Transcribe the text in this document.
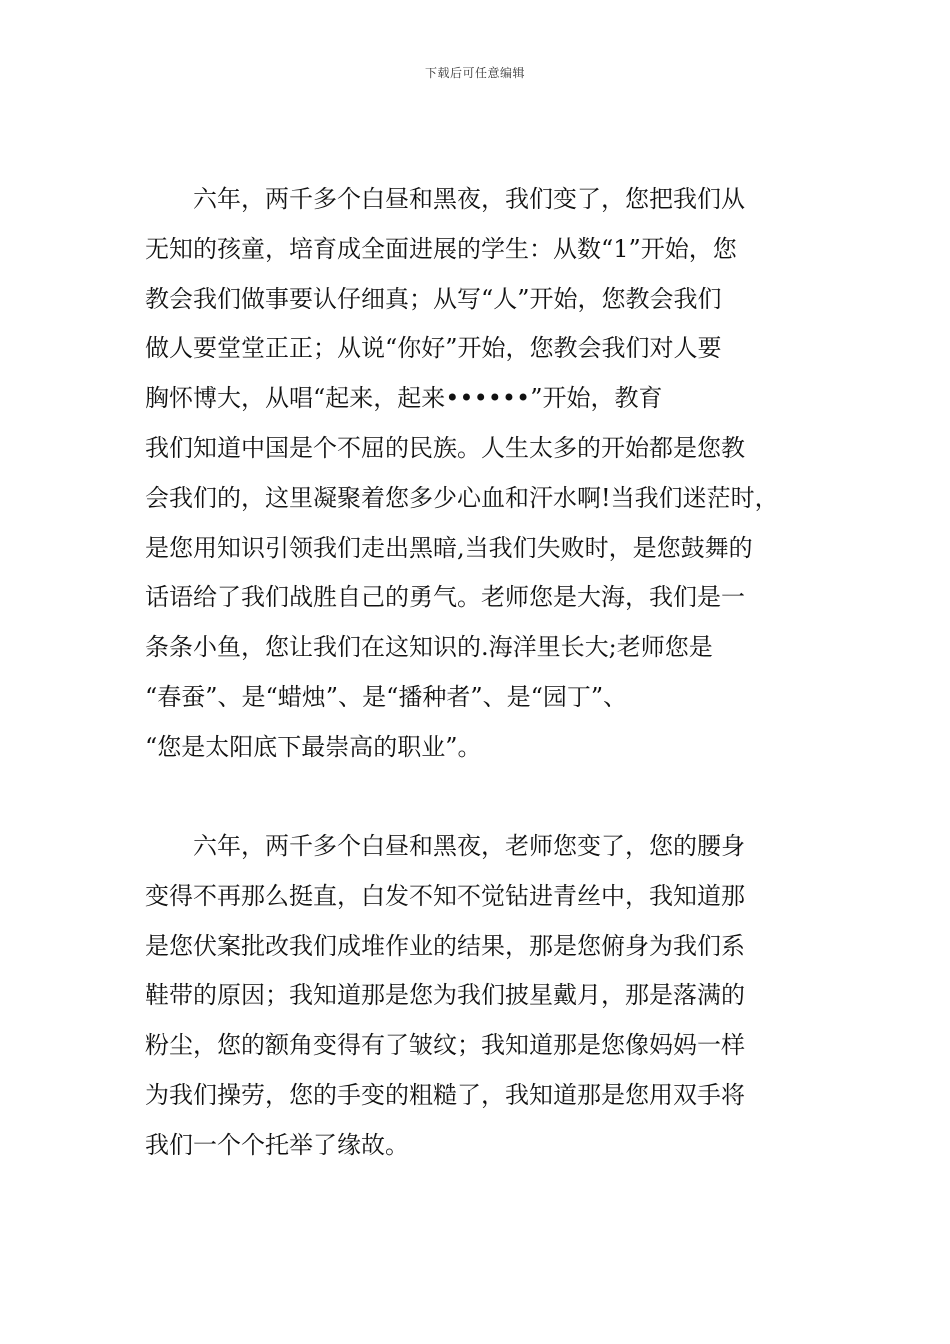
下载后可任意编辑
　　六年，两千多个白昼和黑夜，我们变了，您把我们从
无知的孩童，培育成全面进展的学生：从数“1”开始，您
教会我们做事要认仔细真；从写“人”开始，您教会我们
做人要堂堂正正；从说“你好”开始，您教会我们对人要
胸怀博大，从唱“起来，起来••••••”开始，教育
我们知道中国是个不屈的民族。人生太多的开始都是您教
会我们的，这里凝聚着您多少心血和汗水啊!当我们迷茫时，
是您用知识引领我们走出黑暗,当我们失败时，是您鼓舞的
话语给了我们战胜自己的勇气。老师您是大海，我们是一
条条小鱼，您让我们在这知识的.海洋里长大;老师您是
“春蚕”、是“蜡烛”、是“播种者”、是“园丁”、
“您是太阳底下最崇高的职业”。
　　六年，两千多个白昼和黑夜，老师您变了，您的腰身
变得不再那么挺直，白发不知不觉钻进青丝中，我知道那
是您伏案批改我们成堆作业的结果，那是您俯身为我们系
鞋带的原因；我知道那是您为我们披星戴月，那是落满的
粉尘，您的额角变得有了皱纹；我知道那是您像妈妈一样
为我们操劳，您的手变的粗糙了，我知道那是您用双手将
我们一个个托举了缘故。
